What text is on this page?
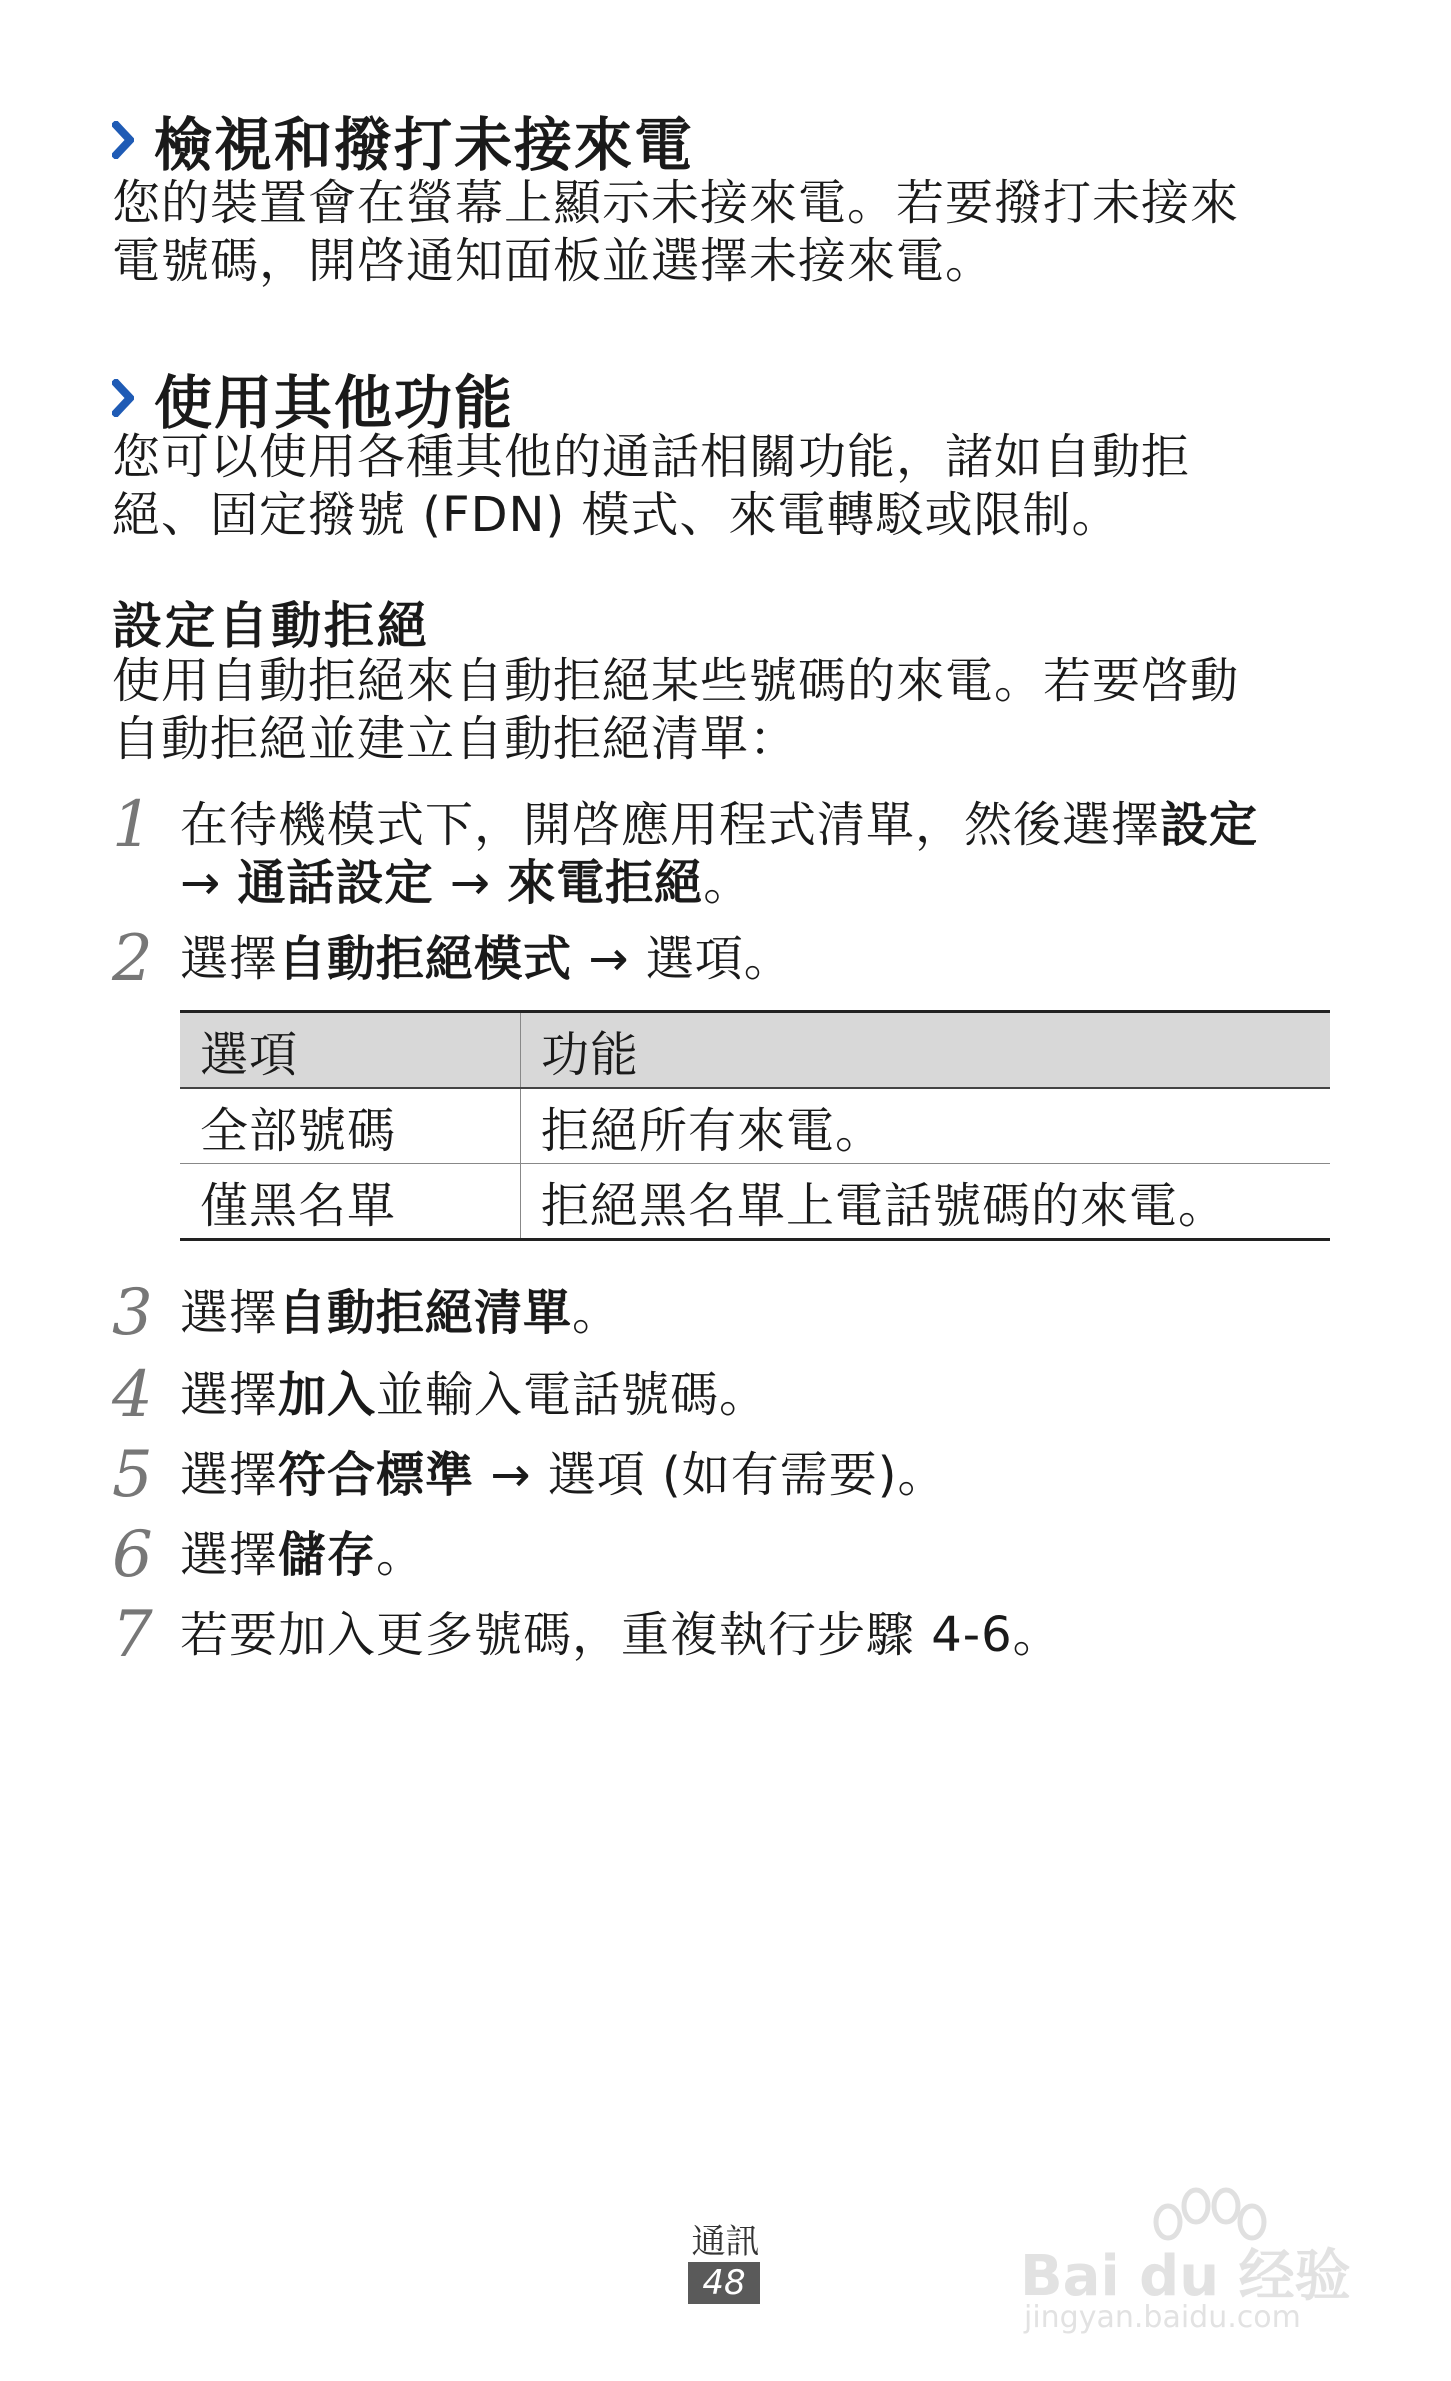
檢視和撥打未接來電
您的裝置會在螢幕上顯示未接來電。若要撥打未接來
電號碼，開啓通知面板並選擇未接來電。
使用其他功能
您可以使用各種其他的通話相關功能，諸如自動拒
絕、固定撥號 (FDN) 模式、來電轉駁或限制。
設定自動拒絕
使用自動拒絕來自動拒絕某些號碼的來電。若要啓動
自動拒絕並建立自動拒絕清單：
1 在待機模式下，開啓應用程式清單，然後選擇設定
→ 通話設定 → 來電拒絕。
2 選擇自動拒絕模式 → 選項。
選項	功能
全部號碼	拒絕所有來電。
僅黑名單	拒絕黑名單上電話號碼的來電。
3 選擇自動拒絕清單。
4 選擇加入並輸入電話號碼。
5 選擇符合標準 → 選項 (如有需要)。
6 選擇儲存。
7 若要加入更多號碼，重複執行步驟 4-6。
通訊
48	Bai du 经验
jingyan.baidu.com
